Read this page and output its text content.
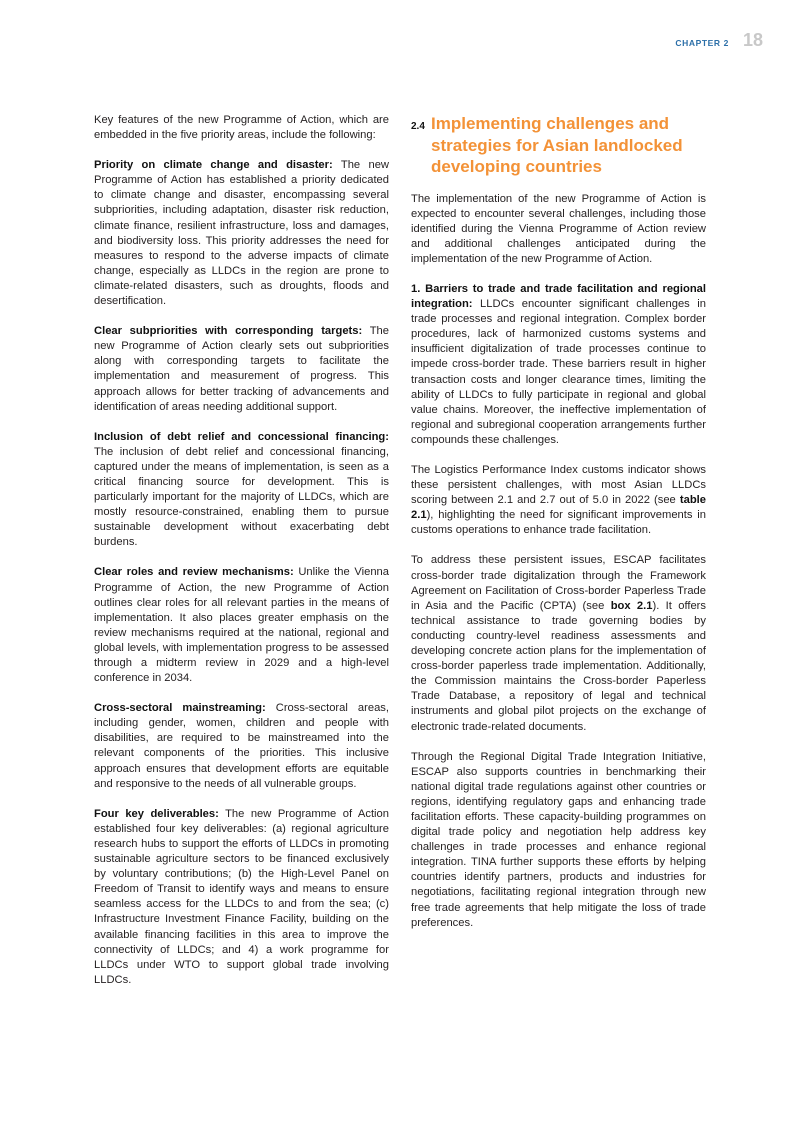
CHAPTER 2 18

Key features of the new Programme of Action, which are embedded in the five priority areas, include the following:

Priority on climate change and disaster: The new Programme of Action has established a priority dedicated to climate change and disaster, encompassing several subpriorities, including adaptation, disaster risk reduction, climate finance, resilient infrastructure, loss and damages, and biodiversity loss. This priority addresses the need for measures to respond to the adverse impacts of climate change, especially as LLDCs in the region are prone to climate-related disasters, such as droughts, floods and desertification.

Clear subpriorities with corresponding targets: The new Programme of Action clearly sets out subpriorities along with corresponding targets to facilitate the implementation and measurement of progress. This approach allows for better tracking of advancements and identification of areas needing additional support.

Inclusion of debt relief and concessional financing: The inclusion of debt relief and concessional financing, captured under the means of implementation, is seen as a critical financing source for development. This is particularly important for the majority of LLDCs, which are mostly resource-constrained, enabling them to pursue sustainable development without exacerbating debt burdens.

Clear roles and review mechanisms: Unlike the Vienna Programme of Action, the new Programme of Action outlines clear roles for all relevant parties in the means of implementation. It also places greater emphasis on the review mechanisms required at the national, regional and global levels, with implementation progress to be assessed through a midterm review in 2029 and a high-level conference in 2034.

Cross-sectoral mainstreaming: Cross-sectoral areas, including gender, women, children and people with disabilities, are required to be mainstreamed into the relevant components of the priorities. This inclusive approach ensures that development efforts are equitable and responsive to the needs of all vulnerable groups.

Four key deliverables: The new Programme of Action established four key deliverables: (a) regional agriculture research hubs to support the efforts of LLDCs in promoting sustainable agriculture sectors to be financed exclusively by voluntary contributions; (b) the High-Level Panel on Freedom of Transit to identify ways and means to ensure seamless access for the LLDCs to and from the sea; (c) Infrastructure Investment Finance Facility, building on the available financing facilities in this area to improve the connectivity of LLDCs; and 4) a work programme for LLDCs under WTO to support global trade involving LLDCs.

2.4 Implementing challenges and strategies for Asian landlocked developing countries

The implementation of the new Programme of Action is expected to encounter several challenges, including those identified during the Vienna Programme of Action review and additional challenges anticipated during the implementation of the new Programme of Action.

1. Barriers to trade and trade facilitation and regional integration: LLDCs encounter significant challenges in trade processes and regional integration. Complex border procedures, lack of harmonized customs systems and insufficient digitalization of trade processes continue to impede cross-border trade. These barriers result in higher transaction costs and longer clearance times, limiting the ability of LLDCs to fully participate in regional and global value chains. Moreover, the ineffective implementation of regional and subregional cooperation arrangements further compounds these challenges.

The Logistics Performance Index customs indicator shows these persistent challenges, with most Asian LLDCs scoring between 2.1 and 2.7 out of 5.0 in 2022 (see table 2.1), highlighting the need for significant improvements in customs operations to enhance trade facilitation.

To address these persistent issues, ESCAP facilitates cross-border trade digitalization through the Framework Agreement on Facilitation of Cross-border Paperless Trade in Asia and the Pacific (CPTA) (see box 2.1). It offers technical assistance to trade governing bodies by conducting country-level readiness assessments and developing concrete action plans for the implementation of cross-border paperless trade implementation. Additionally, the Commission maintains the Cross-border Paperless Trade Database, a repository of legal and technical instruments and global pilot projects on the exchange of electronic trade-related documents.

Through the Regional Digital Trade Integration Initiative, ESCAP also supports countries in benchmarking their national digital trade regulations against other countries or regions, identifying regulatory gaps and enhancing trade facilitation efforts. These capacity-building programmes on digital trade policy and negotiation help address key challenges in trade processes and enhance regional integration. TINA further supports these efforts by helping countries identify partners, products and industries for negotiations, facilitating regional integration through new free trade agreements that help mitigate the loss of trade preferences.
